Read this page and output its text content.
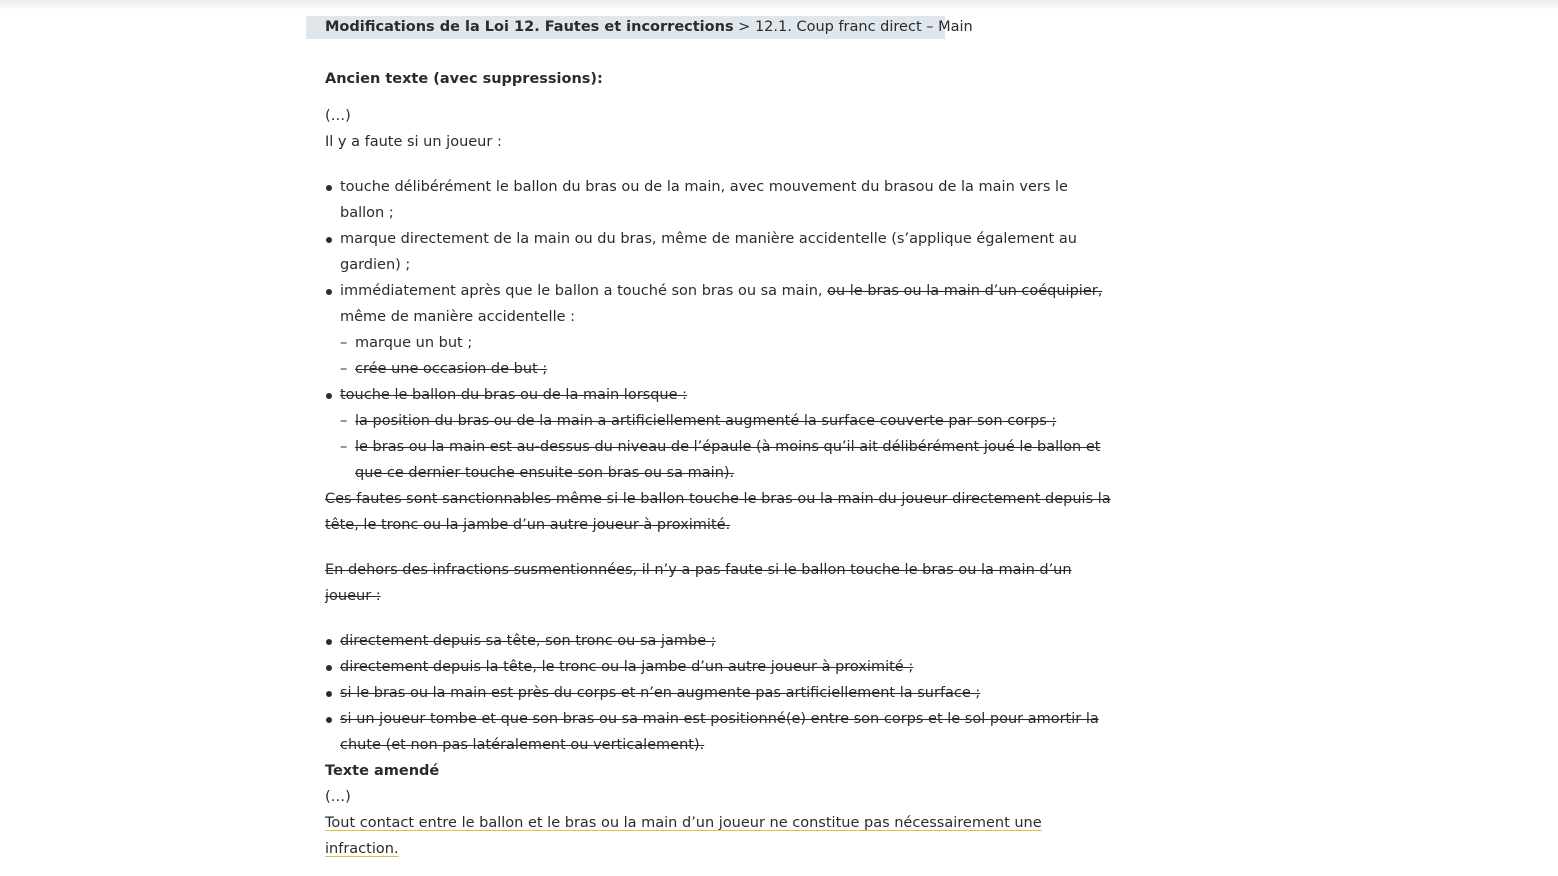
Modifications de la Loi 12. Fautes et incorrections > 12.1. Coup franc direct – Main

Ancien texte (avec suppressions):

(…)

Il y a faute si un joueur :

touche délibérément le ballon du bras ou de la main, avec mouvement du brasou de la main vers le ballon ;
marque directement de la main ou du bras, même de manière accidentelle (s’applique également au gardien) ;
immédiatement après que le ballon a touché son bras ou sa main, ou le bras ou la main d’un coéquipier, même de manière accidentelle :
– marque un but ;
– crée une occasion de but ;
touche le ballon du bras ou de la main lorsque :
– la position du bras ou de la main a artificiellement augmenté la surface couverte par son corps ;
– le bras ou la main est au-dessus du niveau de l’épaule (à moins qu’il ait délibérément joué le ballon et que ce dernier touche ensuite son bras ou sa main).

Ces fautes sont sanctionnables même si le ballon touche le bras ou la main du joueur directement depuis la tête, le tronc ou la jambe d’un autre joueur à proximité.

En dehors des infractions susmentionnées, il n’y a pas faute si le ballon touche le bras ou la main d’un joueur :

directement depuis sa tête, son tronc ou sa jambe ;
directement depuis la tête, le tronc ou la jambe d’un autre joueur à proximité ;
si le bras ou la main est près du corps et n’en augmente pas artificiellement la surface ;
si un joueur tombe et que son bras ou sa main est positionné(e) entre son corps et le sol pour amortir la chute (et non pas latéralement ou verticalement).

Texte amendé

(…)

Tout contact entre le ballon et le bras ou la main d’un joueur ne constitue pas nécessairement une infraction.
